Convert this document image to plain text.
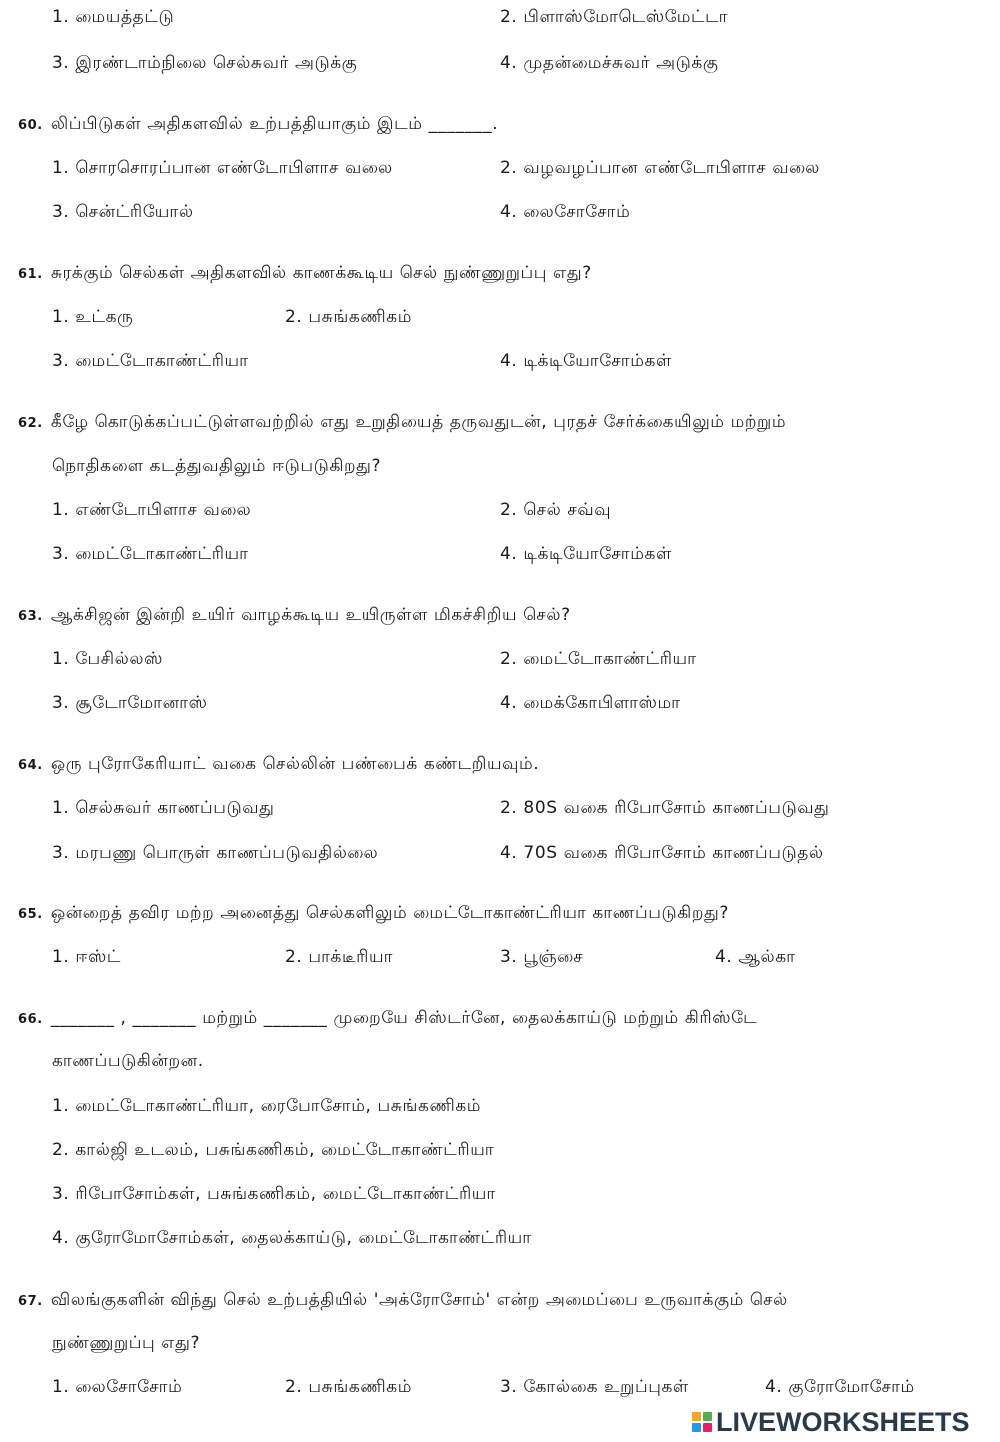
1. மையத்தட்டு	2. பிளாஸ்மோடெஸ்மேட்டா
3. இரண்டாம்நிலை செல்சுவர் அடுக்கு	4. முதன்மைச்சுவர் அடுக்கு
60. லிப்பிடுகள் அதிகளவில் உற்பத்தியாகும் இடம் _______.
1. சொரசொரப்பான எண்டோபிளாச வலை	2. வழவழப்பான எண்டோபிளாச வலை
3. சென்ட்ரியோல்	4. லைசோசோம்
61. சுரக்கும் செல்கள் அதிகளவில் காணக்கூடிய செல் நுண்ணுறுப்பு எது?
1. உட்கரு	2. பசுங்கணிகம்
3. மைட்டோகாண்ட்ரியா	4. டிக்டியோசோம்கள்
62. கீழே கொடுக்கப்பட்டுள்ளவற்றில் எது உறுதியைத் தருவதுடன், புரதச் சேர்க்கையிலும் மற்றும்
நொதிகளை கடத்துவதிலும் ஈடுபடுகிறது?
1. எண்டோபிளாச வலை	2. செல் சவ்வு
3. மைட்டோகாண்ட்ரியா	4. டிக்டியோசோம்கள்
63. ஆக்சிஜன் இன்றி உயிர் வாழக்கூடிய உயிருள்ள மிகச்சிறிய செல்?
1. பேசில்லஸ்	2. மைட்டோகாண்ட்ரியா
3. சூடோமோனாஸ்	4. மைக்கோபிளாஸ்மா
64. ஒரு புரோகேரியாட் வகை செல்லின் பண்பைக் கண்டறியவும்.
1. செல்சுவர் காணப்படுவது	2. 80S வகை ரிபோசோம் காணப்படுவது
3. மரபணு பொருள் காணப்படுவதில்லை	4. 70S வகை ரிபோசோம் காணப்படுதல்
65. ஒன்றைத் தவிர மற்ற அனைத்து செல்களிலும் மைட்டோகாண்ட்ரியா காணப்படுகிறது?
1. ஈஸ்ட்	2. பாக்டீரியா	3. பூஞ்சை	4. ஆல்கா
66. _______ , _______ மற்றும் _______ முறையே சிஸ்டர்னே, தைலக்காய்டு மற்றும் கிரிஸ்டே
காணப்படுகின்றன.
1. மைட்டோகாண்ட்ரியா, ரைபோசோம், பசுங்கணிகம்
2. கால்ஜி உடலம், பசுங்கணிகம், மைட்டோகாண்ட்ரியா
3. ரிபோசோம்கள், பசுங்கணிகம், மைட்டோகாண்ட்ரியா
4. குரோமோசோம்கள், தைலக்காய்டு, மைட்டோகாண்ட்ரியா
67. விலங்குகளின் விந்து செல் உற்பத்தியில் 'அக்ரோசோம்' என்ற அமைப்பை உருவாக்கும் செல்
நுண்ணுறுப்பு எது?
1. லைசோசோம்	2. பசுங்கணிகம்	3. கோல்கை உறுப்புகள்	4. குரோமோசோம்
LIVEWORKSHEETS
